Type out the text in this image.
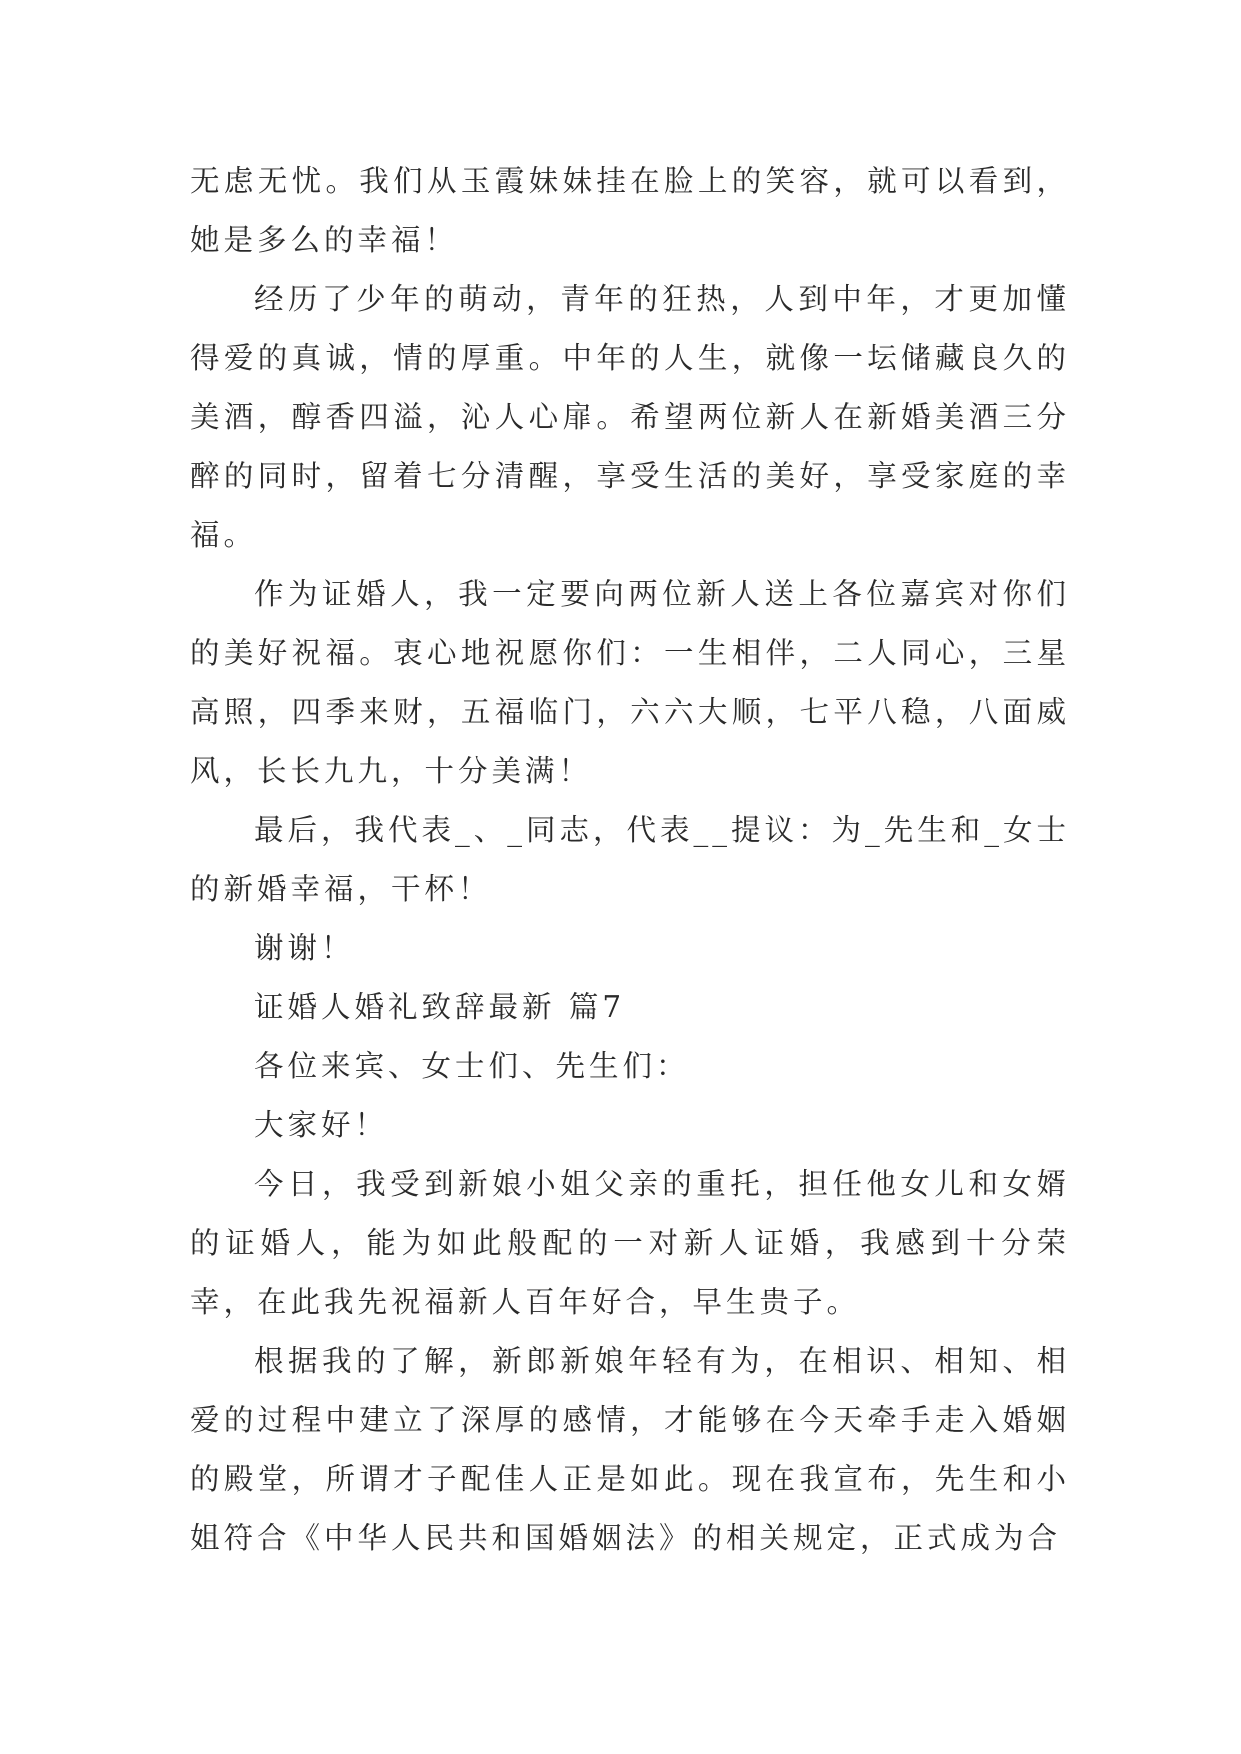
无虑无忧。我们从玉霞妹妹挂在脸上的笑容，就可以看到，她是多么的幸福！

经历了少年的萌动，青年的狂热，人到中年，才更加懂得爱的真诚，情的厚重。中年的人生，就像一坛储藏良久的美酒，醇香四溢，沁人心扉。希望两位新人在新婚美酒三分醉的同时，留着七分清醒，享受生活的美好，享受家庭的幸福。

作为证婚人，我一定要向两位新人送上各位嘉宾对你们的美好祝福。衷心地祝愿你们：一生相伴，二人同心，三星高照，四季来财，五福临门，六六大顺，七平八稳，八面威风，长长九九，十分美满！

最后，我代表_、_同志，代表__提议：为_先生和_女士的新婚幸福，干杯！

谢谢！

证婚人婚礼致辞最新 篇7

各位来宾、女士们、先生们：

大家好！

今日，我受到新娘小姐父亲的重托，担任他女儿和女婿的证婚人，能为如此般配的一对新人证婚，我感到十分荣幸，在此我先祝福新人百年好合，早生贵子。

根据我的了解，新郎新娘年轻有为，在相识、相知、相爱的过程中建立了深厚的感情，才能够在今天牵手走入婚姻的殿堂，所谓才子配佳人正是如此。现在我宣布，先生和小姐符合《中华人民共和国婚姻法》的相关规定，正式成为合
